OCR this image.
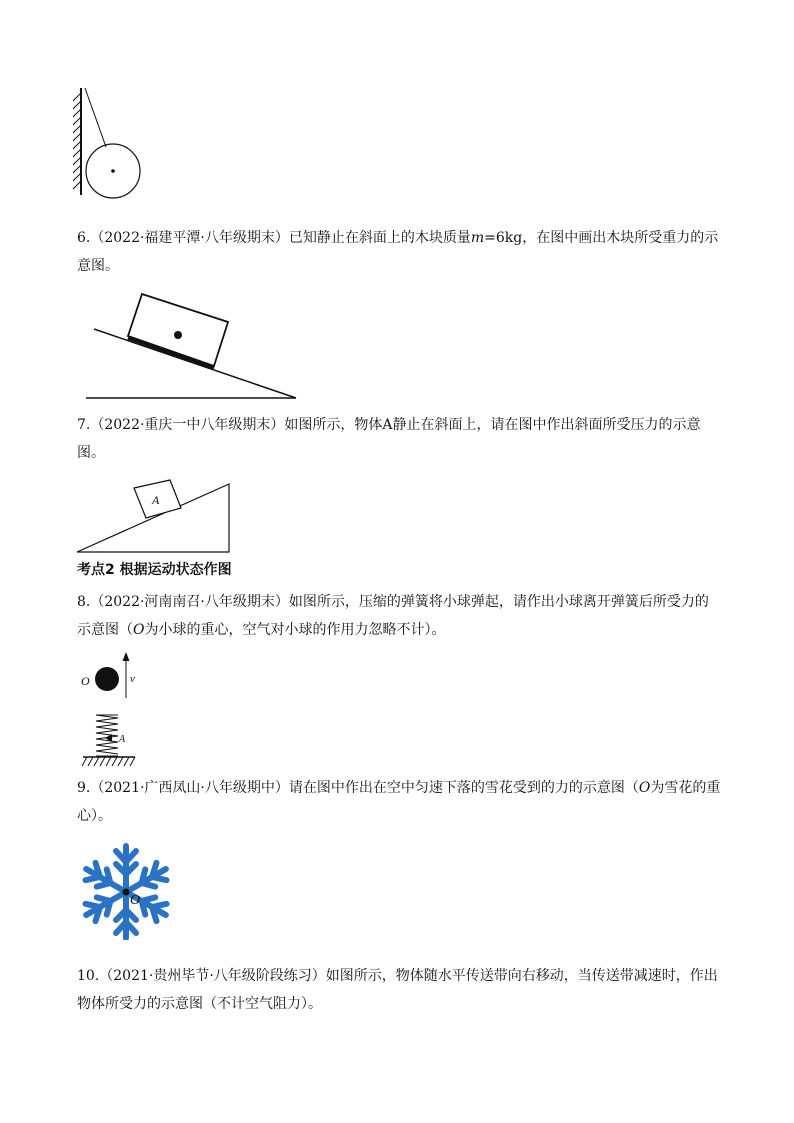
6.（2022·福建平潭·八年级期末）已知静止在斜面上的木块质量m=6kg，在图中画出木块所受重力的示意图。

7.（2022·重庆一中八年级期末）如图所示，物体A静止在斜面上，请在图中作出斜面所受压力的示意图。

A

考点2 根据运动状态作图

8.（2022·河南南召·八年级期末）如图所示，压缩的弹簧将小球弹起，请作出小球离开弹簧后所受力的示意图（O为小球的重心，空气对小球的作用力忽略不计）。

O	v
A

9.（2021·广西凤山·八年级期中）请在图中作出在空中匀速下落的雪花受到的力的示意图（O为雪花的重心）。

O

10.（2021·贵州毕节·八年级阶段练习）如图所示，物体随水平传送带向右移动，当传送带减速时，作出物体所受力的示意图（不计空气阻力）。
